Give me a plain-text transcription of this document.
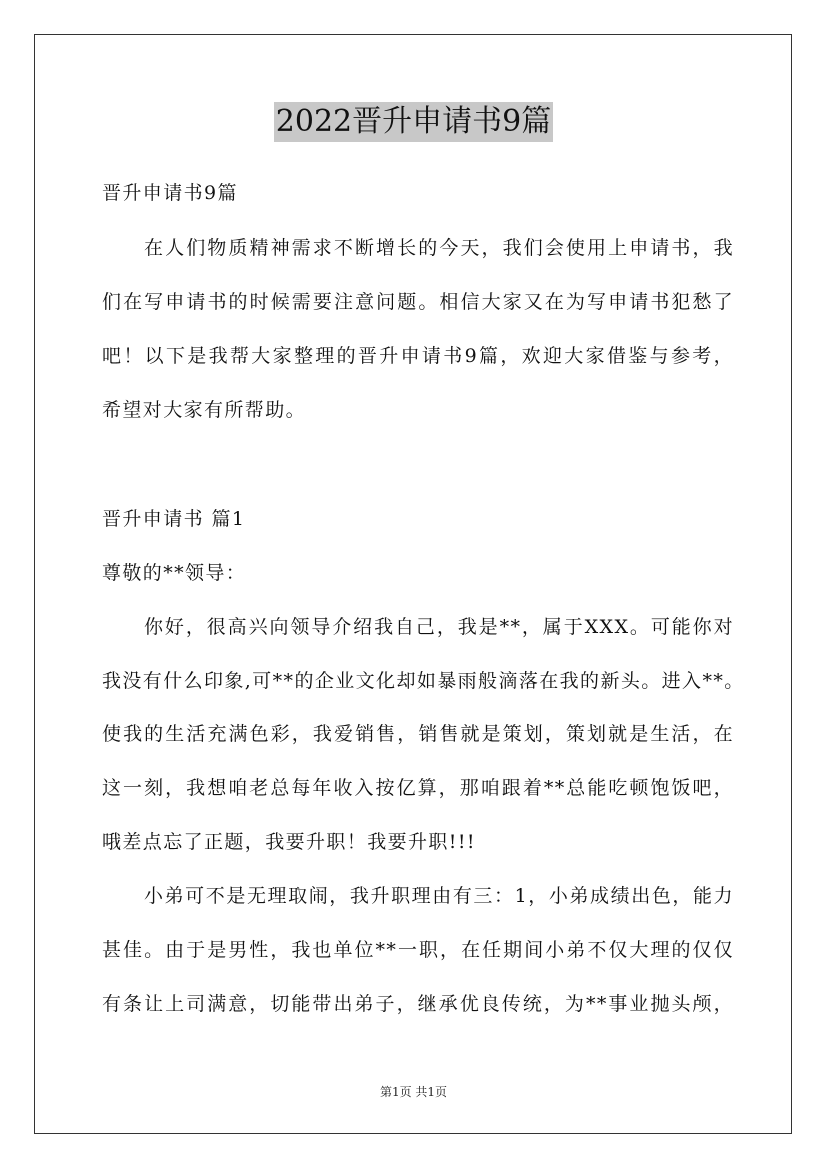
2022晋升申请书9篇
晋升申请书9篇
在人们物质精神需求不断增长的今天，我们会使用上申请书，我
们在写申请书的时候需要注意问题。相信大家又在为写申请书犯愁了
吧！以下是我帮大家整理的晋升申请书9篇，欢迎大家借鉴与参考，
希望对大家有所帮助。
晋升申请书 篇1
尊敬的**领导：
你好，很高兴向领导介绍我自己，我是**，属于XXX。可能你对
我没有什么印象,可**的企业文化却如暴雨般滴落在我的新头。进入**。
使我的生活充满色彩，我爱销售，销售就是策划，策划就是生活，在
这一刻，我想咱老总每年收入按亿算，那咱跟着**总能吃顿饱饭吧，
哦差点忘了正题，我要升职！我要升职!!!
小弟可不是无理取闹，我升职理由有三：1，小弟成绩出色，能力
甚佳。由于是男性，我也单位**一职，在任期间小弟不仅大理的仅仅
有条让上司满意，切能带出弟子，继承优良传统，为**事业抛头颅，
第1页 共1页
